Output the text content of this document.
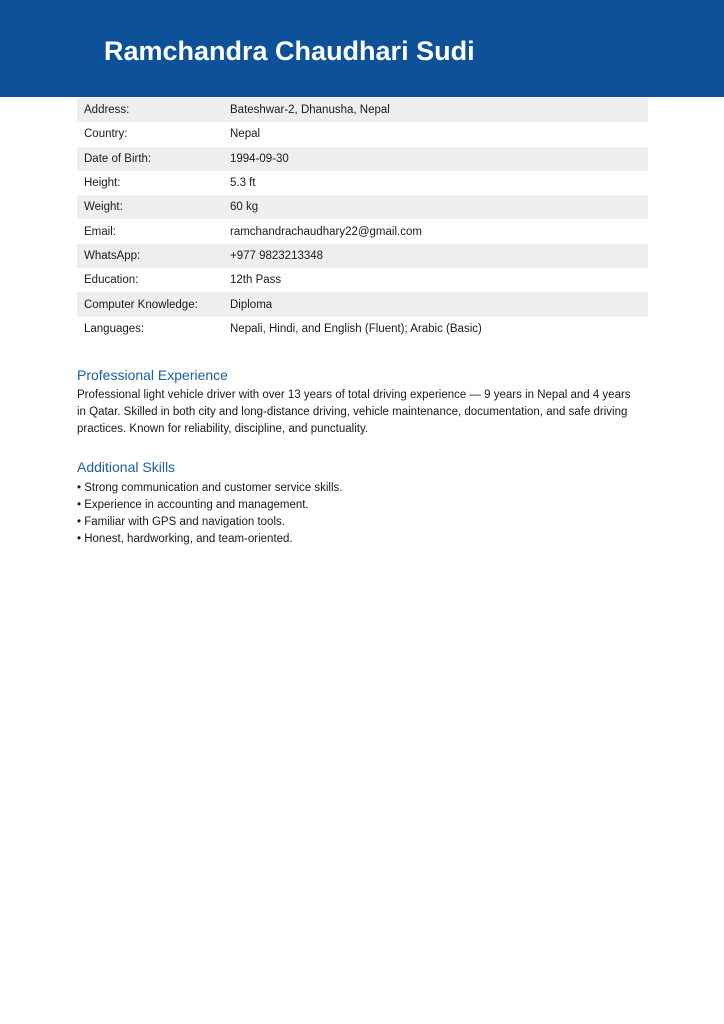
Ramchandra Chaudhari Sudi
Address:	Bateshwar-2, Dhanusha, Nepal
Country:	Nepal
Date of Birth:	1994-09-30
Height:	5.3 ft
Weight:	60 kg
Email:	ramchandrachaudhary22@gmail.com
WhatsApp:	+977 9823213348
Education:	12th Pass
Computer Knowledge:	Diploma
Languages:	Nepali, Hindi, and English (Fluent); Arabic (Basic)
Professional Experience

Professional light vehicle driver with over 13 years of total driving experience — 9 years in Nepal and 4 years in Qatar. Skilled in both city and long-distance driving, vehicle maintenance, documentation, and safe driving practices. Known for reliability, discipline, and punctuality.

Additional Skills
• Strong communication and customer service skills.
• Experience in accounting and management.
• Familiar with GPS and navigation tools.
• Honest, hardworking, and team-oriented.
